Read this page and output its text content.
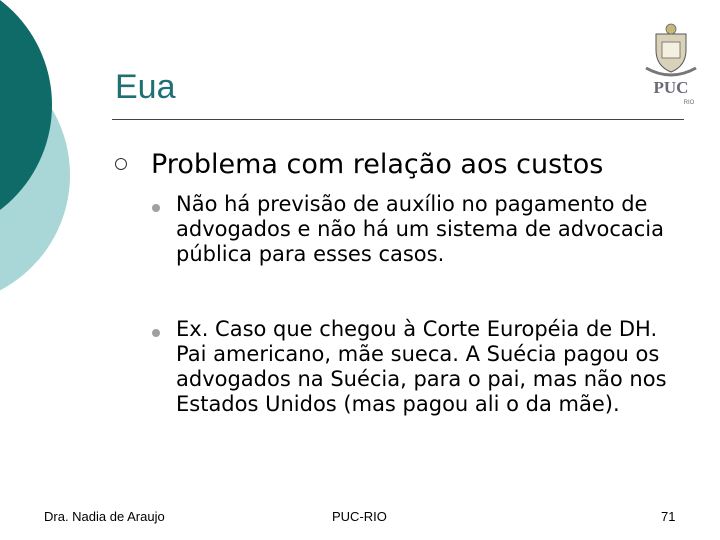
Eua	PUC
RIO
Problema com relação aos custos
Não há previsão de auxílio no pagamento de advogados e não há um sistema de advocacia pública para esses casos.
Ex. Caso que chegou à Corte Européia de DH. Pai americano, mãe sueca. A Suécia pagou os advogados na Suécia, para o pai, mas não nos Estados Unidos (mas pagou ali o da mãe).
Dra. Nadia de Araujo	PUC-RIO	71
